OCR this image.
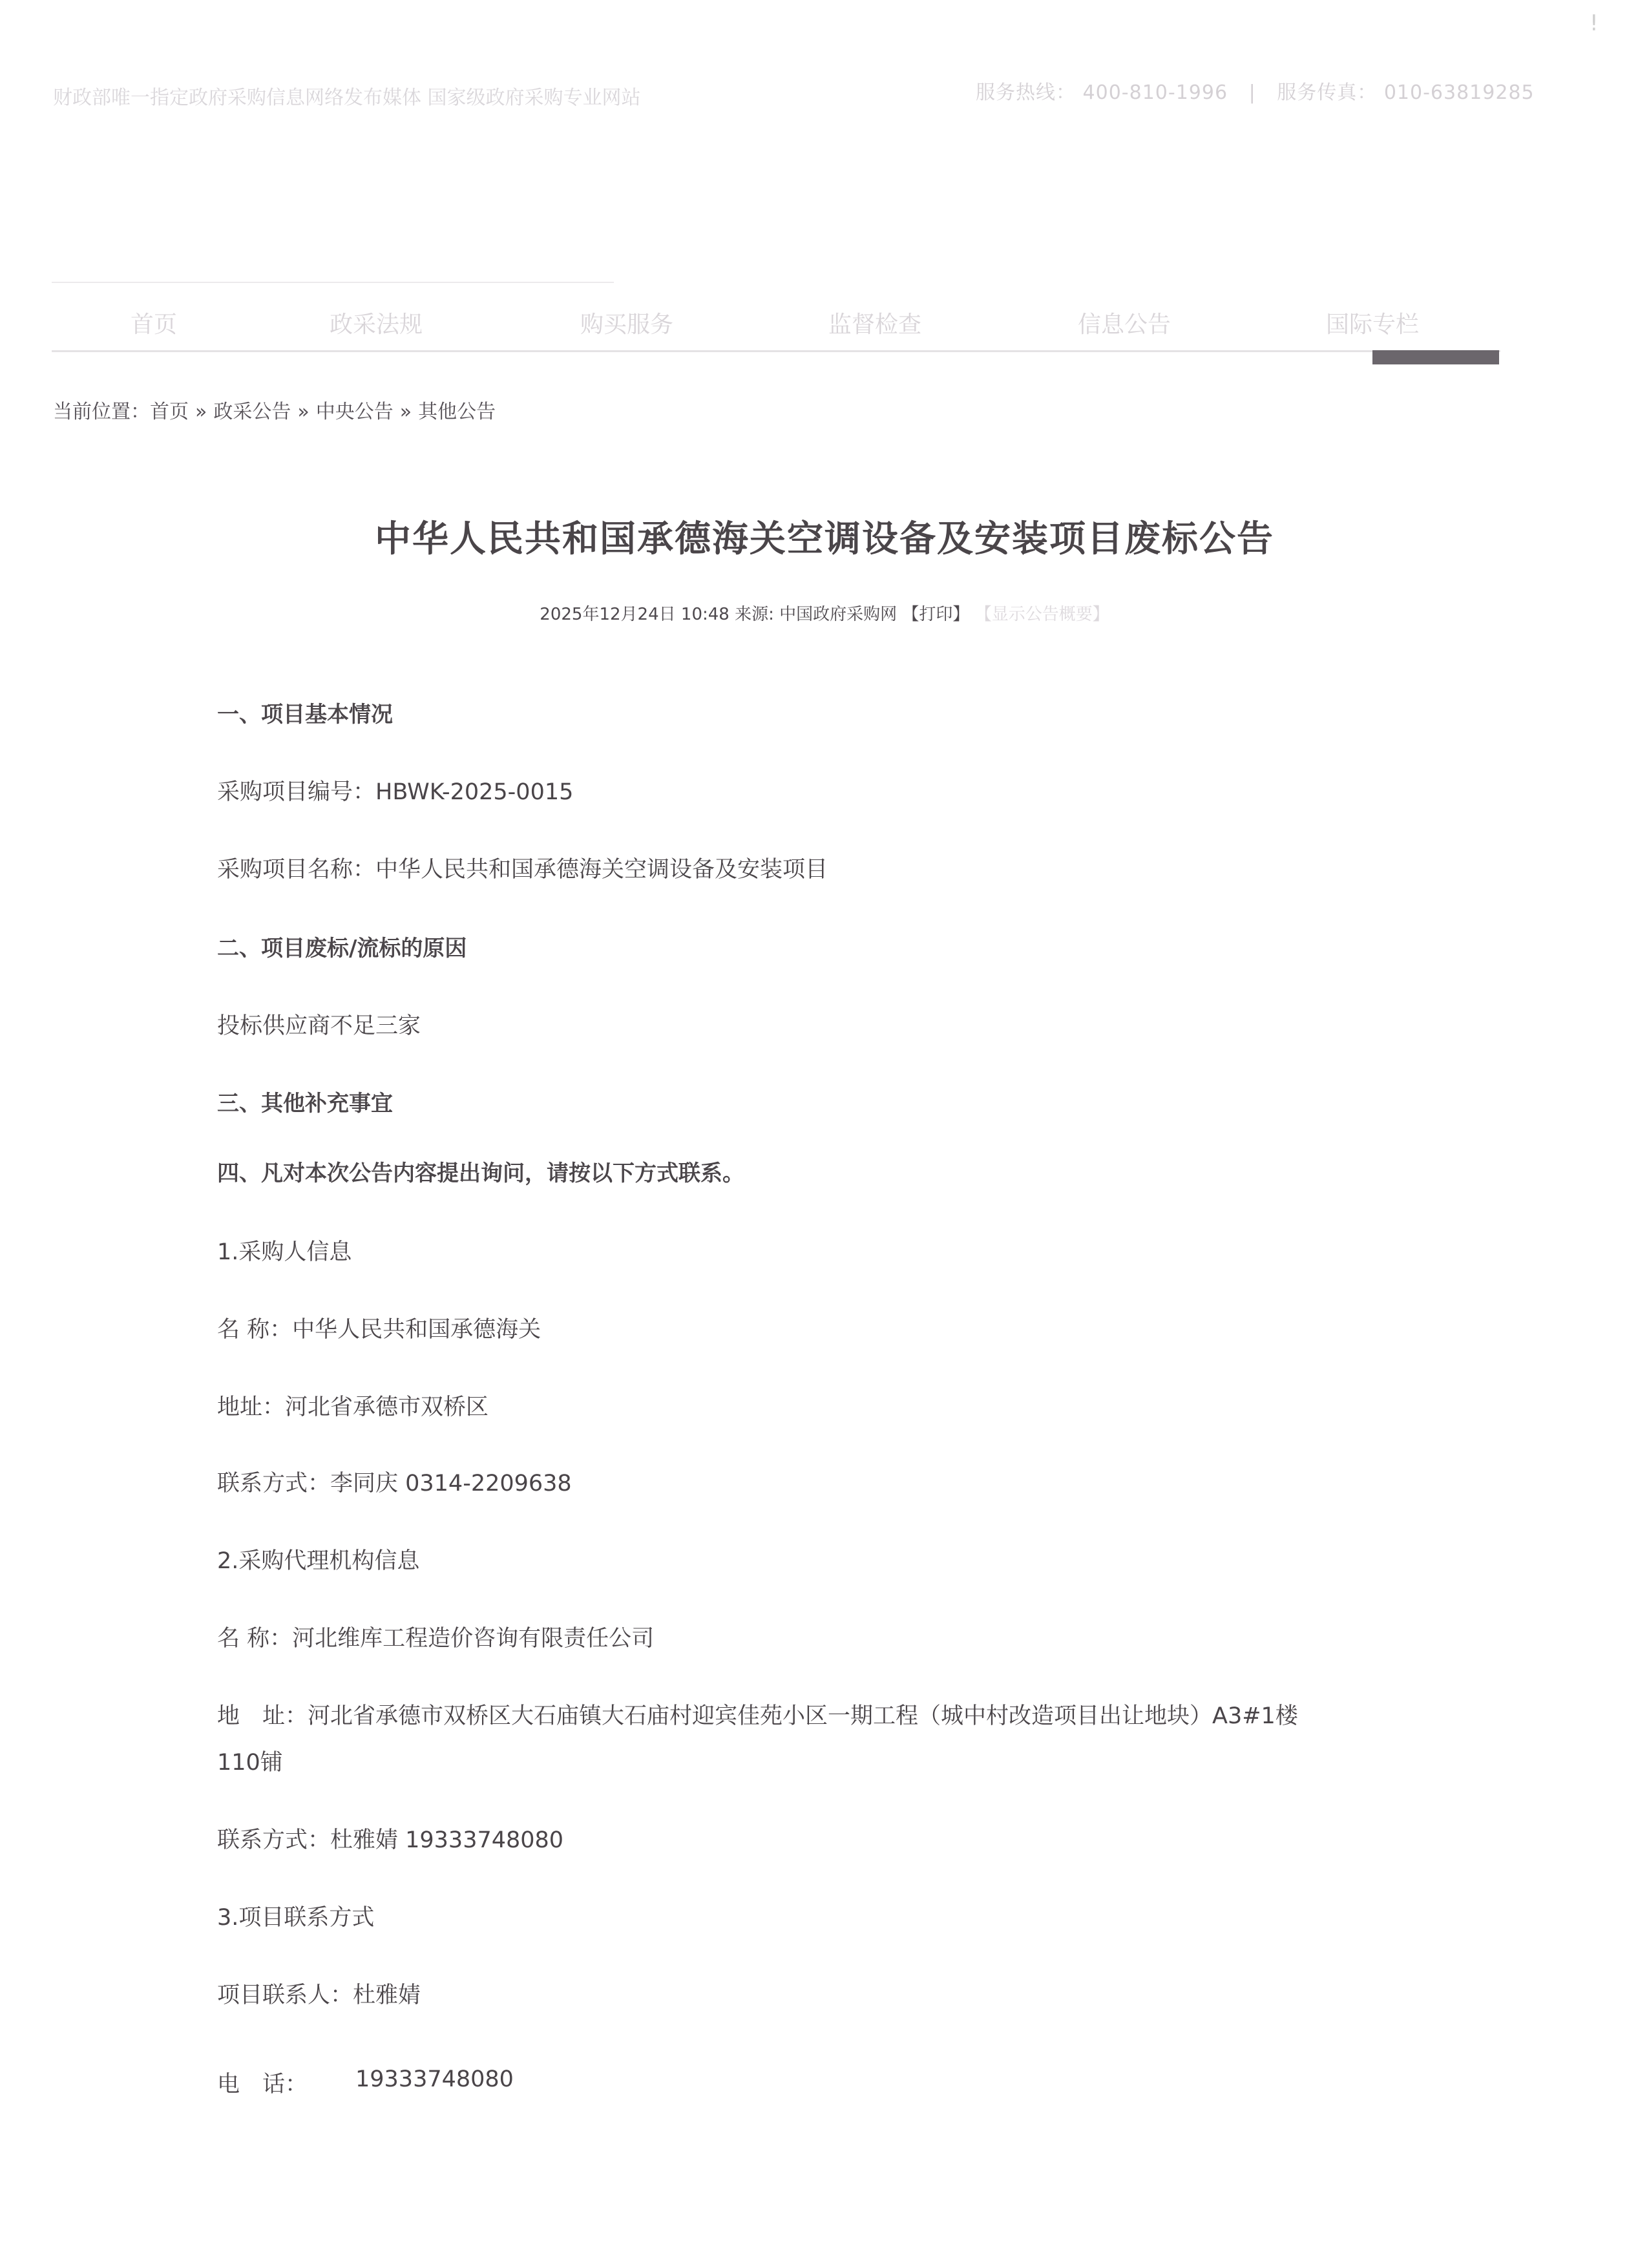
财政部唯一指定政府采购信息网络发布媒体 国家级政府采购专业网站	服务热线： 400-810-1996 | 服务传真： 010-63819285
!
首页	政采法规	购买服务	监督检查	信息公告	国际专栏
当前位置：首页 » 政采公告 » 中央公告 » 其他公告
中华人民共和国承德海关空调设备及安装项目废标公告
2025年12月24日 10:48 来源: 中国政府采购网 【打印】 【显示公告概要】
一、项目基本情况
采购项目编号：HBWK-2025-0015
采购项目名称：中华人民共和国承德海关空调设备及安装项目
二、项目废标/流标的原因
投标供应商不足三家
三、其他补充事宜
四、凡对本次公告内容提出询问，请按以下方式联系。
1.采购人信息
名 称：中华人民共和国承德海关
地址：河北省承德市双桥区
联系方式：李同庆 0314-2209638
2.采购代理机构信息
名 称：河北维库工程造价咨询有限责任公司
地　址：河北省承德市双桥区大石庙镇大石庙村迎宾佳苑小区一期工程（城中村改造项目出让地块）A3#1楼
110铺
联系方式：杜雅婧 19333748080
3.项目联系方式
项目联系人：杜雅婧
电　话： 19333748080
